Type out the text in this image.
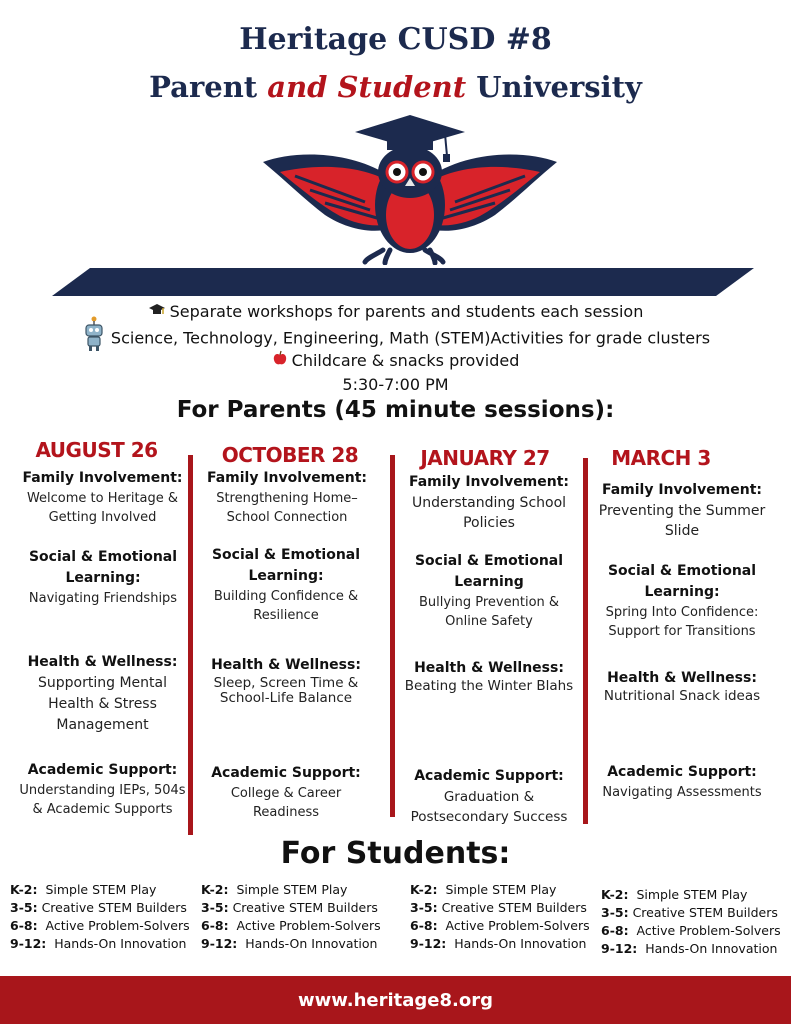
Heritage CUSD #8
Parent and Student University
Separate workshops for parents and students each session
Science, Technology, Engineering, Math (STEM)Activities for grade clusters
Childcare & snacks provided
5:30-7:00 PM
For Parents (45 minute sessions):
AUGUST 26
Family Involvement:
Welcome to Heritage & Getting Involved
Social & Emotional Learning:
Navigating Friendships
Health & Wellness:
Supporting Mental Health & Stress Management
Academic Support:
Understanding IEPs, 504s & Academic Supports
OCTOBER 28
Family Involvement:
Strengthening Home–School Connection
Social & Emotional Learning:
Building Confidence & Resilience
Health & Wellness:
Sleep, Screen Time & School-Life Balance
Academic Support:
College & Career Readiness
JANUARY 27
Family Involvement:
Understanding School Policies
Social & Emotional Learning
Bullying Prevention & Online Safety
Health & Wellness:
Beating the Winter Blahs
Academic Support:
Graduation & Postsecondary Success
MARCH 3
Family Involvement:
Preventing the Summer Slide
Social & Emotional Learning:
Spring Into Confidence: Support for Transitions
Health & Wellness:
Nutritional Snack ideas
Academic Support:
Navigating Assessments
For Students:
K-2: Simple STEM Play
3-5: Creative STEM Builders
6-8: Active Problem-Solvers
9-12: Hands-On Innovation
K-2: Simple STEM Play
3-5: Creative STEM Builders
6-8: Active Problem-Solvers
9-12: Hands-On Innovation
K-2: Simple STEM Play
3-5: Creative STEM Builders
6-8: Active Problem-Solvers
9-12: Hands-On Innovation
K-2: Simple STEM Play
3-5: Creative STEM Builders
6-8: Active Problem-Solvers
9-12: Hands-On Innovation
www.heritage8.org
